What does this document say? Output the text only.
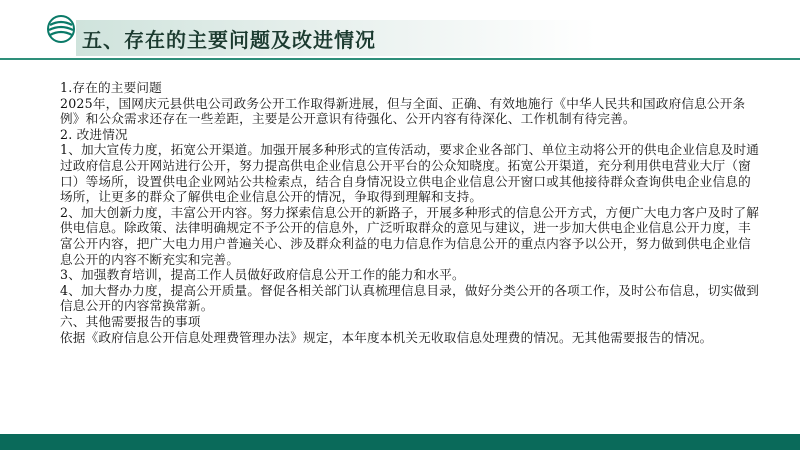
五、存在的主要问题及改进情况

1.存在的主要问题

2025年，国网庆元县供电公司政务公开工作取得新进展，但与全面、正确、有效地施行《中华人民共和国政府信息公开条例》和公众需求还存在一些差距，主要是公开意识有待强化、公开内容有待深化、工作机制有待完善。

2. 改进情况

1、加大宣传力度，拓宽公开渠道。加强开展多种形式的宣传活动，要求企业各部门、单位主动将公开的供电企业信息及时通过政府信息公开网站进行公开，努力提高供电企业信息公开平台的公众知晓度。拓宽公开渠道，充分利用供电营业大厅（窗口）等场所，设置供电企业网站公共检索点，结合自身情况设立供电企业信息公开窗口或其他接待群众查询供电企业信息的场所，让更多的群众了解供电企业信息公开的情况，争取得到理解和支持。

2、加大创新力度，丰富公开内容。努力探索信息公开的新路子，开展多种形式的信息公开方式，方便广大电力客户及时了解供电信息。除政策、法律明确规定不予公开的信息外，广泛听取群众的意见与建议，进一步加大供电企业信息公开力度，丰富公开内容，把广大电力用户普遍关心、涉及群众利益的电力信息作为信息公开的重点内容予以公开，努力做到供电企业信息公开的内容不断充实和完善。

3、加强教育培训，提高工作人员做好政府信息公开工作的能力和水平。

4、加大督办力度，提高公开质量。督促各相关部门认真梳理信息目录，做好分类公开的各项工作，及时公布信息，切实做到信息公开的内容常换常新。

六、其他需要报告的事项

依据《政府信息公开信息处理费管理办法》规定，本年度本机关无收取信息处理费的情况。无其他需要报告的情况。
